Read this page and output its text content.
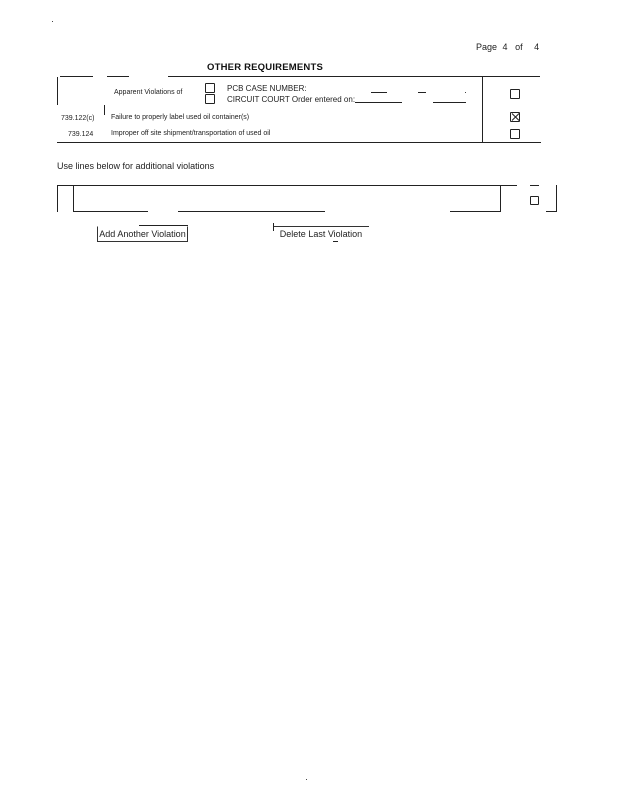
Page 4 of 4
OTHER REQUIREMENTS
Apparent Violations of	PCB CASE NUMBER:
CIRCUIT COURT Order entered on:
739.122(c) Failure to properly label used oil container(s)
739.124	Improper off site shipment/transportation of used oil
Use lines below for additional violations
Add Another Violation	Delete Last Violation
